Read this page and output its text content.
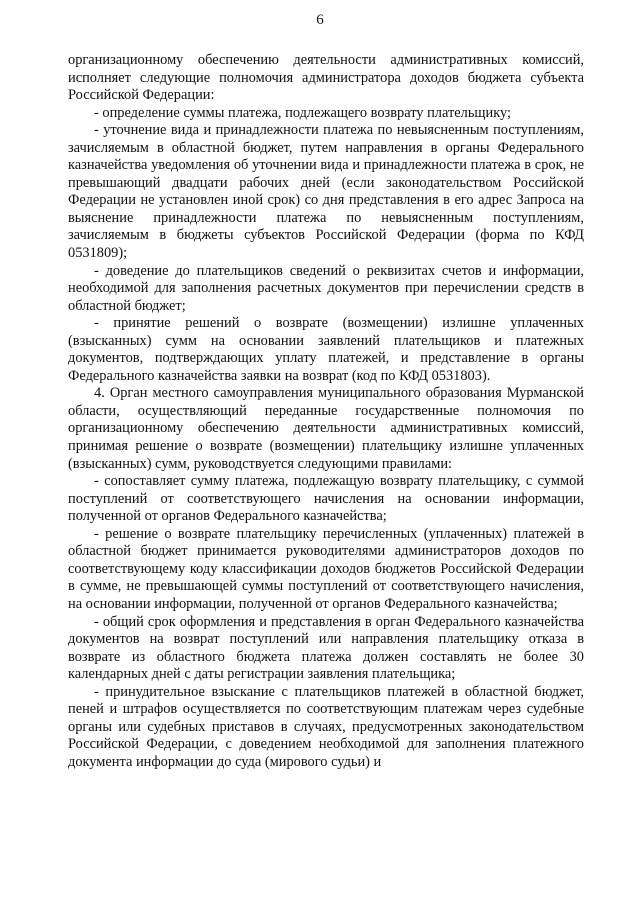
6

организационному обеспечению деятельности административных комиссий, исполняет следующие полномочия администратора доходов бюджета субъекта Российской Федерации:

- определение суммы платежа, подлежащего возврату плательщику;

- уточнение вида и принадлежности платежа по невыясненным поступлениям, зачисляемым в областной бюджет, путем направления в органы Федерального казначейства уведомления об уточнении вида и принадлежности платежа в срок, не превышающий двадцати рабочих дней (если законодательством Российской Федерации не установлен иной срок) со дня представления в его адрес Запроса на выяснение принадлежности платежа по невыясненным поступлениям, зачисляемым в бюджеты субъектов Российской Федерации (форма по КФД 0531809);

- доведение до плательщиков сведений о реквизитах счетов и информации, необходимой для заполнения расчетных документов при перечислении средств в областной бюджет;

- принятие решений о возврате (возмещении) излишне уплаченных (взысканных) сумм на основании заявлений плательщиков и платежных документов, подтверждающих уплату платежей, и представление в органы Федерального казначейства заявки на возврат (код по КФД 0531803).

4. Орган местного самоуправления муниципального образования Мурманской области, осуществляющий переданные государственные полномочия по организационному обеспечению деятельности административных комиссий, принимая решение о возврате (возмещении) плательщику излишне уплаченных (взысканных) сумм, руководствуется следующими правилами:

- сопоставляет сумму платежа, подлежащую возврату плательщику, с суммой поступлений от соответствующего начисления на основании информации, полученной от органов Федерального казначейства;

- решение о возврате плательщику перечисленных (уплаченных) платежей в областной бюджет принимается руководителями администраторов доходов по соответствующему коду классификации доходов бюджетов Российской Федерации в сумме, не превышающей суммы поступлений от соответствующего начисления, на основании информации, полученной от органов Федерального казначейства;

- общий срок оформления и представления в орган Федерального казначейства документов на возврат поступлений или направления плательщику отказа в возврате из областного бюджета платежа должен составлять не более 30 календарных дней с даты регистрации заявления плательщика;

- принудительное взыскание с плательщиков платежей в областной бюджет, пеней и штрафов осуществляется по соответствующим платежам через судебные органы или судебных приставов в случаях, предусмотренных законодательством Российской Федерации, с доведением необходимой для заполнения платежного документа информации до суда (мирового судьи) и
